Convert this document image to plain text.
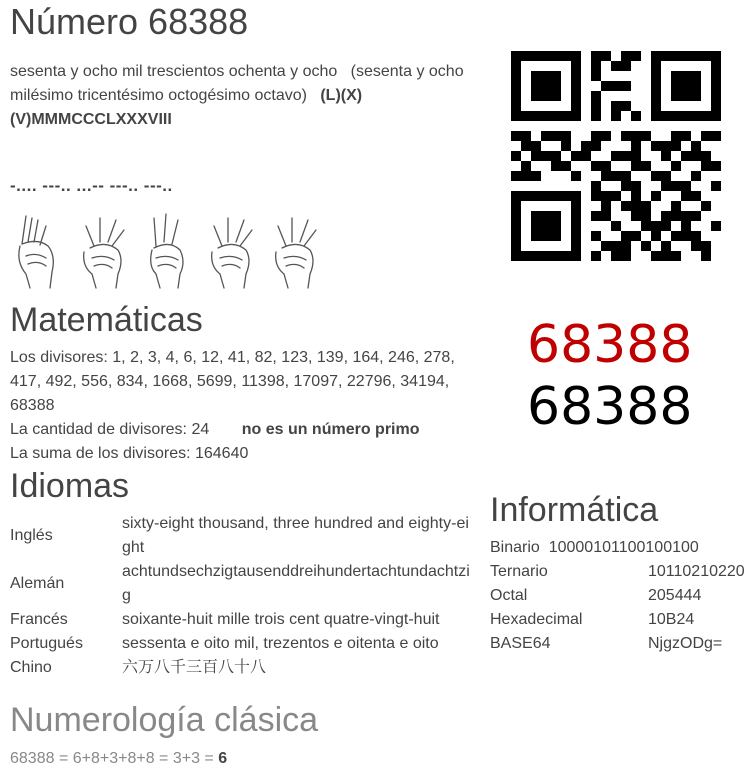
Número 68388
sesenta y ocho mil trescientos ochenta y ocho (sesenta y ocho milésimo tricentésimo octogésimo octavo) (L)(X)(V)MMMCCCLXXXVIII
-.... ---.. ...-- ---.. ---..
Matemáticas
Los divisores: 1, 2, 3, 4, 6, 12, 41, 82, 123, 139, 164, 246, 278, 417, 492, 556, 834, 1668, 5699, 11398, 17097, 22796, 34194, 68388
La cantidad de divisores: 24 no es un número primo
La suma de los divisores: 164640
68388
68388
Idiomas
Inglés	sixty-eight thousand, three hundred and eighty-eight
Alemán	achtundsechzigtausenddreihundertachtundachtzig
Francés	soixante-huit mille trois cent quatre-vingt-huit
Portugués	sessenta e oito mil, trezentos e oitenta e oito
Chino	六万八千三百八十八
Informática
Binario 10000101100100100	
Ternario	10110210220
Octal	205444
Hexadecimal	10B24
BASE64	NjgzODg=
Numerología clásica
68388 = 6+8+3+8+8 = 3+3 = 6
